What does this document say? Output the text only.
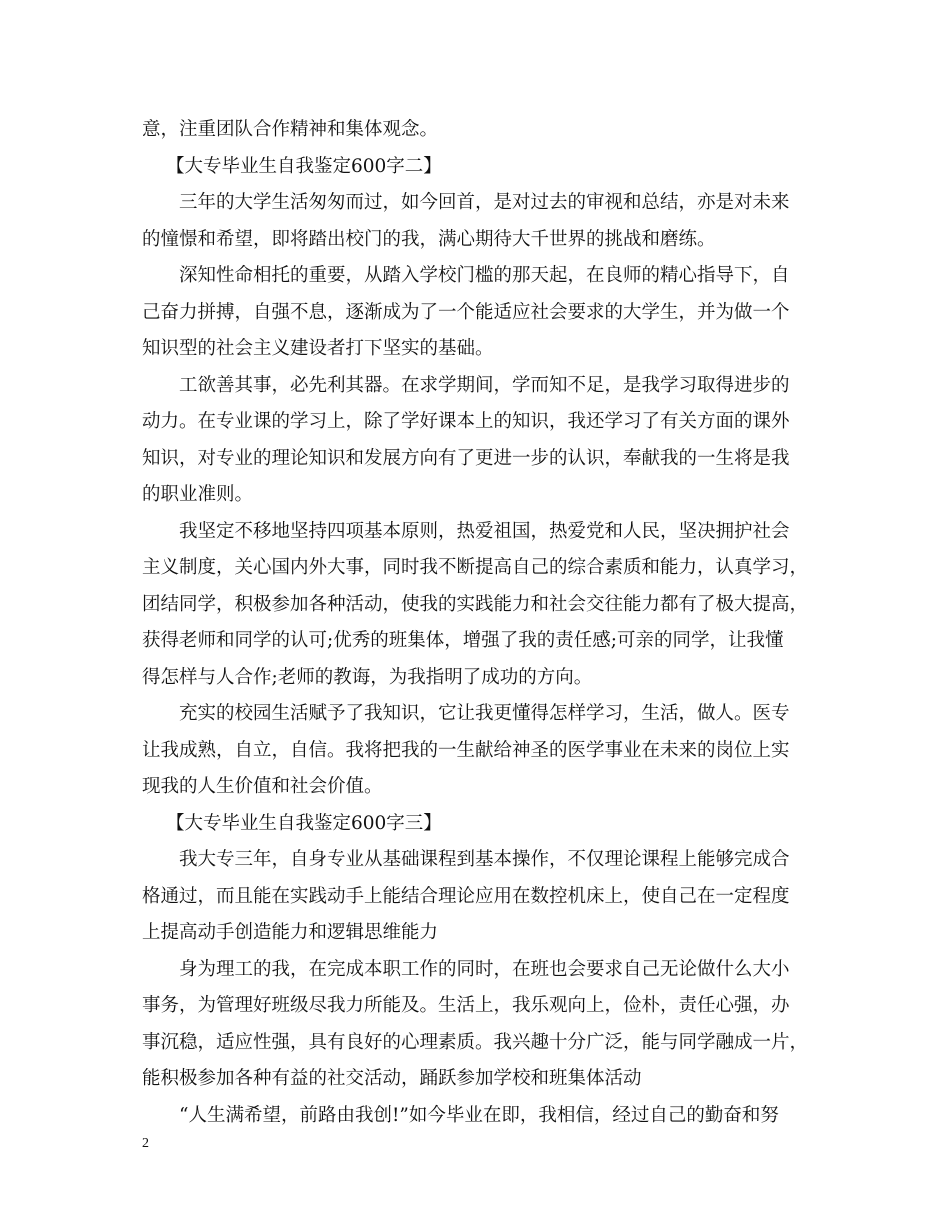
意，注重团队合作精神和集体观念。
【大专毕业生自我鉴定600字二】
三年的大学生活匆匆而过，如今回首，是对过去的审视和总结，亦是对未来
的憧憬和希望，即将踏出校门的我，满心期待大千世界的挑战和磨练。
深知性命相托的重要，从踏入学校门槛的那天起，在良师的精心指导下，自
己奋力拼搏，自强不息，逐渐成为了一个能适应社会要求的大学生，并为做一个
知识型的社会主义建设者打下坚实的基础。
工欲善其事，必先利其器。在求学期间，学而知不足，是我学习取得进步的
动力。在专业课的学习上，除了学好课本上的知识，我还学习了有关方面的课外
知识，对专业的理论知识和发展方向有了更进一步的认识，奉献我的一生将是我
的职业准则。
我坚定不移地坚持四项基本原则，热爱祖国，热爱党和人民，坚决拥护社会
主义制度，关心国内外大事，同时我不断提高自己的综合素质和能力，认真学习，
团结同学，积极参加各种活动，使我的实践能力和社会交往能力都有了极大提高，
获得老师和同学的认可;优秀的班集体，增强了我的责任感;可亲的同学，让我懂
得怎样与人合作;老师的教诲，为我指明了成功的方向。
充实的校园生活赋予了我知识，它让我更懂得怎样学习，生活，做人。医专
让我成熟，自立，自信。我将把我的一生献给神圣的医学事业在未来的岗位上实
现我的人生价值和社会价值。
【大专毕业生自我鉴定600字三】
我大专三年，自身专业从基础课程到基本操作，不仅理论课程上能够完成合
格通过，而且能在实践动手上能结合理论应用在数控机床上，使自己在一定程度
上提高动手创造能力和逻辑思维能力
身为理工的我，在完成本职工作的同时，在班也会要求自己无论做什么大小
事务，为管理好班级尽我力所能及。生活上，我乐观向上，俭朴，责任心强，办
事沉稳，适应性强，具有良好的心理素质。我兴趣十分广泛，能与同学融成一片，
能积极参加各种有益的社交活动，踊跃参加学校和班集体活动
“人生满希望，前路由我创!”如今毕业在即，我相信，经过自己的勤奋和努
2
